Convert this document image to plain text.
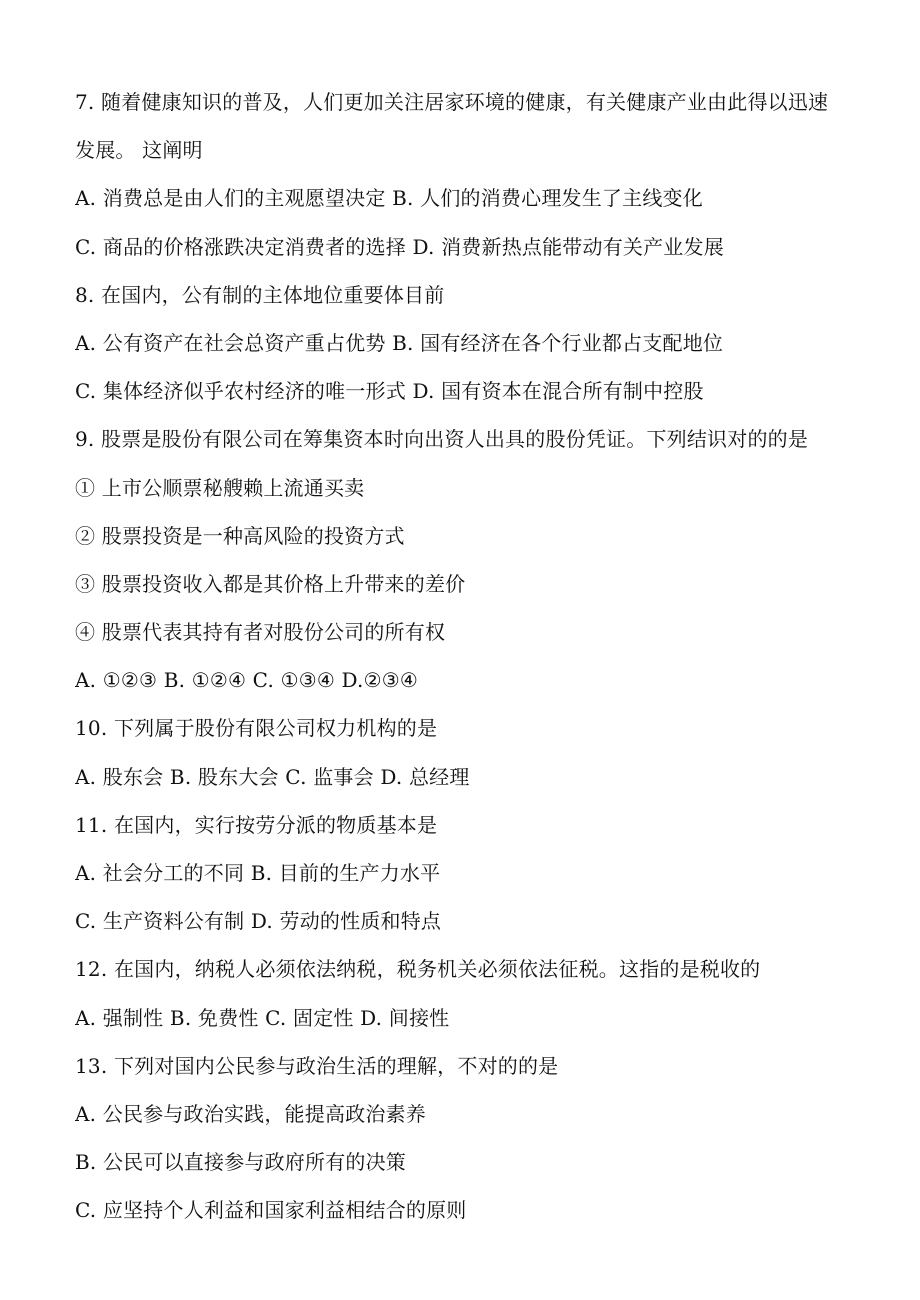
7. 随着健康知识的普及，人们更加关注居家环境的健康，有关健康产业由此得以迅速
发展。 这阐明
A. 消费总是由人们的主观愿望决定 B. 人们的消费心理发生了主线变化
C. 商品的价格涨跌决定消费者的选择 D. 消费新热点能带动有关产业发展
8. 在国内，公有制的主体地位重要体目前
A. 公有资产在社会总资产重占优势 B. 国有经济在各个行业都占支配地位
C. 集体经济似乎农村经济的唯一形式 D. 国有资本在混合所有制中控股
9. 股票是股份有限公司在筹集资本时向出资人出具的股份凭证。下列结识对的的是
① 上市公顺票秘艘赖上流通买卖
② 股票投资是一种高风险的投资方式
③ 股票投资收入都是其价格上升带来的差价
④ 股票代表其持有者对股份公司的所有权
A. ①②③ B. ①②④ C. ①③④ D.②③④
10. 下列属于股份有限公司权力机构的是
A. 股东会 B. 股东大会 C. 监事会 D. 总经理
11. 在国内，实行按劳分派的物质基本是
A. 社会分工的不同 B. 目前的生产力水平
C. 生产资料公有制 D. 劳动的性质和特点
12. 在国内，纳税人必须依法纳税，税务机关必须依法征税。这指的是税收的
A. 强制性 B. 免费性 C. 固定性 D. 间接性
13. 下列对国内公民参与政治生活的理解，不对的的是
A. 公民参与政治实践，能提高政治素养
B. 公民可以直接参与政府所有的决策
C. 应坚持个人利益和国家利益相结合的原则
